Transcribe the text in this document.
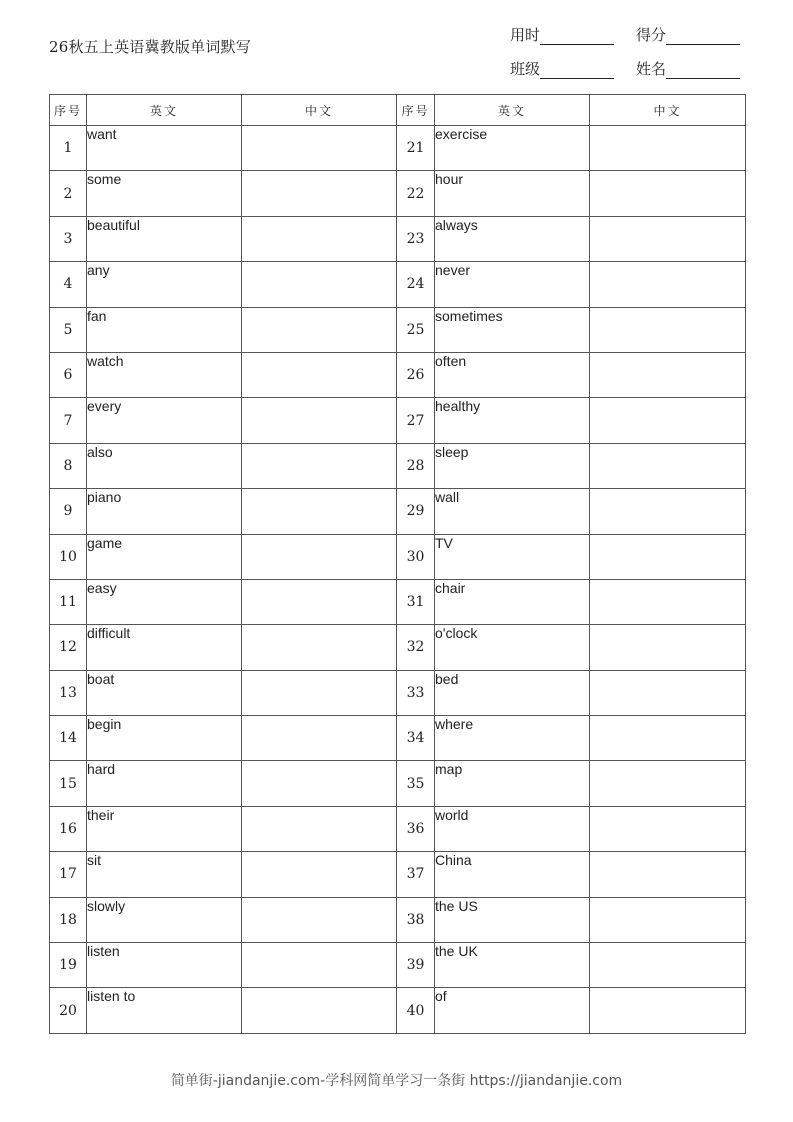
26秋五上英语冀教版单词默写
用时	得分
班级	姓名
序号	英文	中文	序号	英文	中文
1	want		21	exercise	
2	some		22	hour	
3	beautiful		23	always	
4	any		24	never	
5	fan		25	sometimes	
6	watch		26	often	
7	every		27	healthy	
8	also		28	sleep	
9	piano		29	wall	
10	game		30	TV	
11	easy		31	chair	
12	difficult		32	o'clock	
13	boat		33	bed	
14	begin		34	where	
15	hard		35	map	
16	their		36	world	
17	sit		37	China	
18	slowly		38	the US	
19	listen		39	the UK	
20	listen to		40	of	
简单街-jiandanjie.com-学科网简单学习一条街 https://jiandanjie.com
